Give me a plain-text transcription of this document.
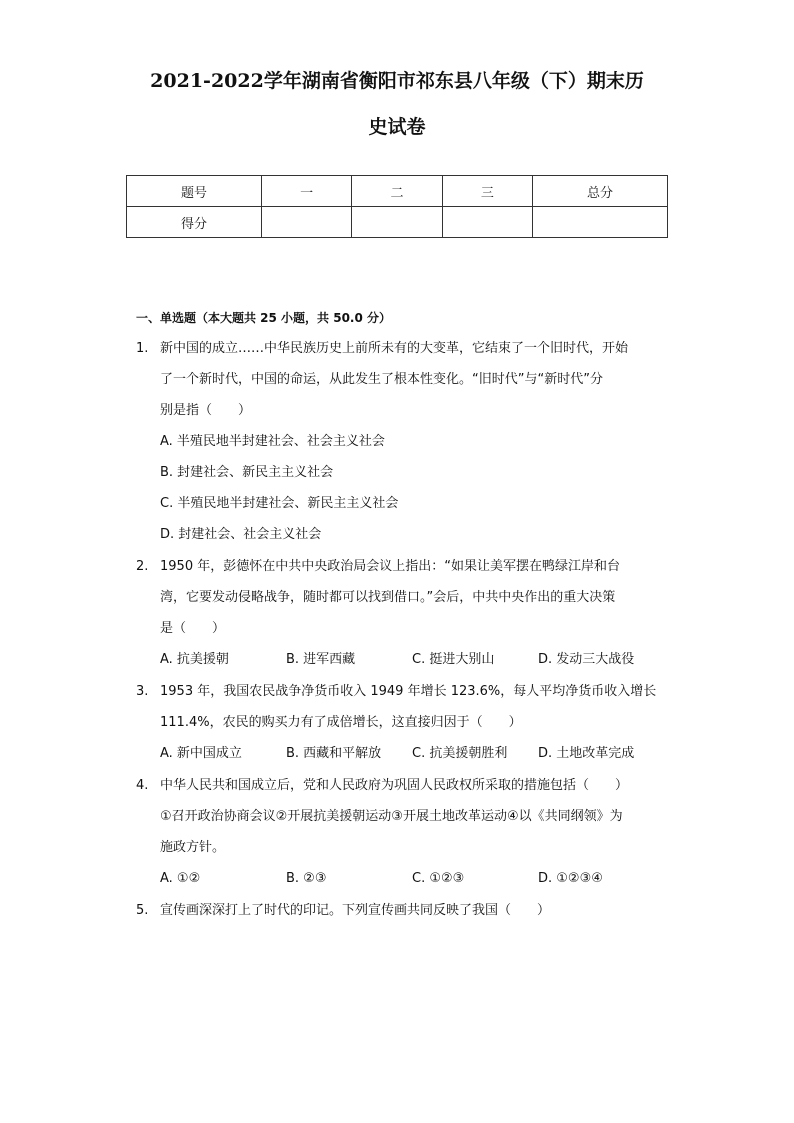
2021-2022学年湖南省衡阳市祁东县八年级（下）期末历
史试卷
题号	一	二	三	总分
得分				
一、单选题（本大题共 25 小题，共 50.0 分）
1. 新中国的成立……中华民族历史上前所未有的大变革，它结束了一个旧时代，开始
了一个新时代，中国的命运，从此发生了根本性变化。“旧时代”与“新时代”分
别是指（　　）
A. 半殖民地半封建社会、社会主义社会
B. 封建社会、新民主主义社会
C. 半殖民地半封建社会、新民主主义社会
D. 封建社会、社会主义社会
2. 1950 年，彭德怀在中共中央政治局会议上指出：“如果让美军摆在鸭绿江岸和台
湾，它要发动侵略战争，随时都可以找到借口。”会后，中共中央作出的重大决策
是（　　）
A. 抗美援朝	B. 进军西藏	C. 挺进大别山	D. 发动三大战役
3. 1953 年，我国农民战争净货币收入 1949 年增长 123.6%，每人平均净货币收入增长
111.4%，农民的购买力有了成倍增长，这直接归因于（　　）
A. 新中国成立	B. 西藏和平解放 C. 抗美援朝胜利 D. 土地改革完成
4. 中华人民共和国成立后，党和人民政府为巩固人民政权所采取的措施包括（　　）
①召开政治协商会议②开展抗美援朝运动③开展土地改革运动④以《共同纲领》为
施政方针。
A. ①②	B. ②③	C. ①②③	D. ①②③④
5. 宣传画深深打上了时代的印记。下列宣传画共同反映了我国（　　）
